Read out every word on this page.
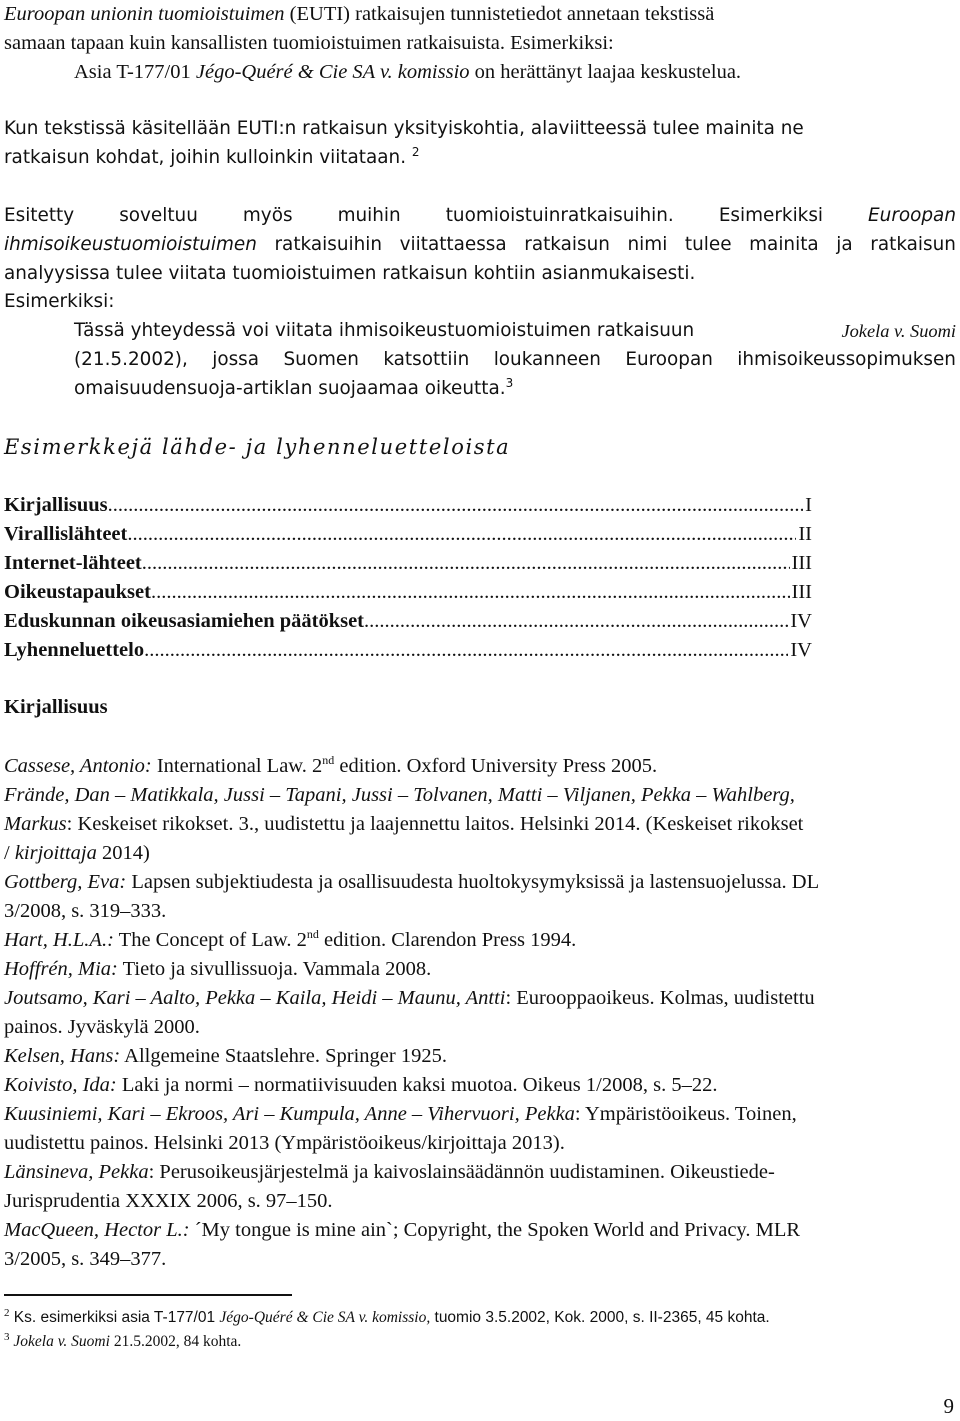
Euroopan unionin tuomioistuimen (EUTI) ratkaisujen tunnistetiedot annetaan tekstissä
samaan tapaan kuin kansallisten tuomioistuimen ratkaisuista. Esimerkiksi:
Asia T-177/01 Jégo-Quéré & Cie SA v. komissio on herättänyt laajaa keskustelua.
Kun tekstissä käsitellään EUTI:n ratkaisun yksityiskohtia, alaviitteessä tulee mainita ne
ratkaisun kohdat, joihin kulloinkin viitataan. $^2$
Esitetty soveltuu myös muihin tuomioistuinratkaisuihin. Esimerkiksi Euroopan
ihmisoikeustuomioistuimen ratkaisuihin viitattaessa ratkaisun nimi tulee mainita ja ratkaisun
analyysissa tulee viitata tuomioistuimen ratkaisun kohtiin asianmukaisesti.
Esimerkiksi:
Tässä yhteydessä voi viitata ihmisoikeustuomioistuimen ratkaisuun	Jokela v. Suomi
(21.5.2002), jossa Suomen katsottiin loukanneen Euroopan ihmisoikeussopimuksen
omaisuudensuoja-artiklan suojaamaa oikeutta.$^3$
Esimerkkejä lähde- ja lyhenneluetteloista
Kirjallisuus .....	I
Virallislähteet .....	II
Internet-lähteet .....	III
Oikeustapaukset .....	III
Eduskunnan oikeusasiamiehen päätökset .....	IV
Lyhenneluettelo .....	IV
Kirjallisuus
Cassese, Antonio: International Law. 2nd edition. Oxford University Press 2005.
Frände, Dan – Matikkala, Jussi – Tapani, Jussi – Tolvanen, Matti – Viljanen, Pekka – Wahlberg,
Markus: Keskeiset rikokset. 3., uudistettu ja laajennettu laitos. Helsinki 2014. (Keskeiset rikokset
/ kirjoittaja 2014)
Gottberg, Eva: Lapsen subjektiudesta ja osallisuudesta huoltokysymyksissä ja lastensuojelussa. DL
3/2008, s. 319–333.
Hart, H.L.A.: The Concept of Law. 2nd edition. Clarendon Press 1994.
Hoffrén, Mia: Tieto ja sivullissuoja. Vammala 2008.
Joutsamo, Kari – Aalto, Pekka – Kaila, Heidi – Maunu, Antti: Eurooppaoikeus. Kolmas, uudistettu
painos. Jyväskylä 2000.
Kelsen, Hans: Allgemeine Staatslehre. Springer 1925.
Koivisto, Ida: Laki ja normi – normatiivisuuden kaksi muotoa. Oikeus 1/2008, s. 5–22.
Kuusiniemi, Kari – Ekroos, Ari – Kumpula, Anne – Vihervuori, Pekka: Ympäristöoikeus. Toinen,
uudistettu painos. Helsinki 2013 (Ympäristöoikeus/kirjoittaja 2013).
Länsineva, Pekka: Perusoikeusjärjestelmä ja kaivoslainsäädännön uudistaminen. Oikeustiede-
Jurisprudentia XXXIX 2006, s. 97–150.
MacQueen, Hector L.: ´My tongue is mine ain`; Copyright, the Spoken World and Privacy. MLR
3/2005, s. 349–377.
$^2$ Ks. esimerkiksi asia T-177/01 Jégo-Quéré & Cie SA v. komissio, tuomio 3.5.2002, Kok. 2000, s. II-2365, 45 kohta.
$^3$ Jokela v. Suomi 21.5.2002, 84 kohta.
9
